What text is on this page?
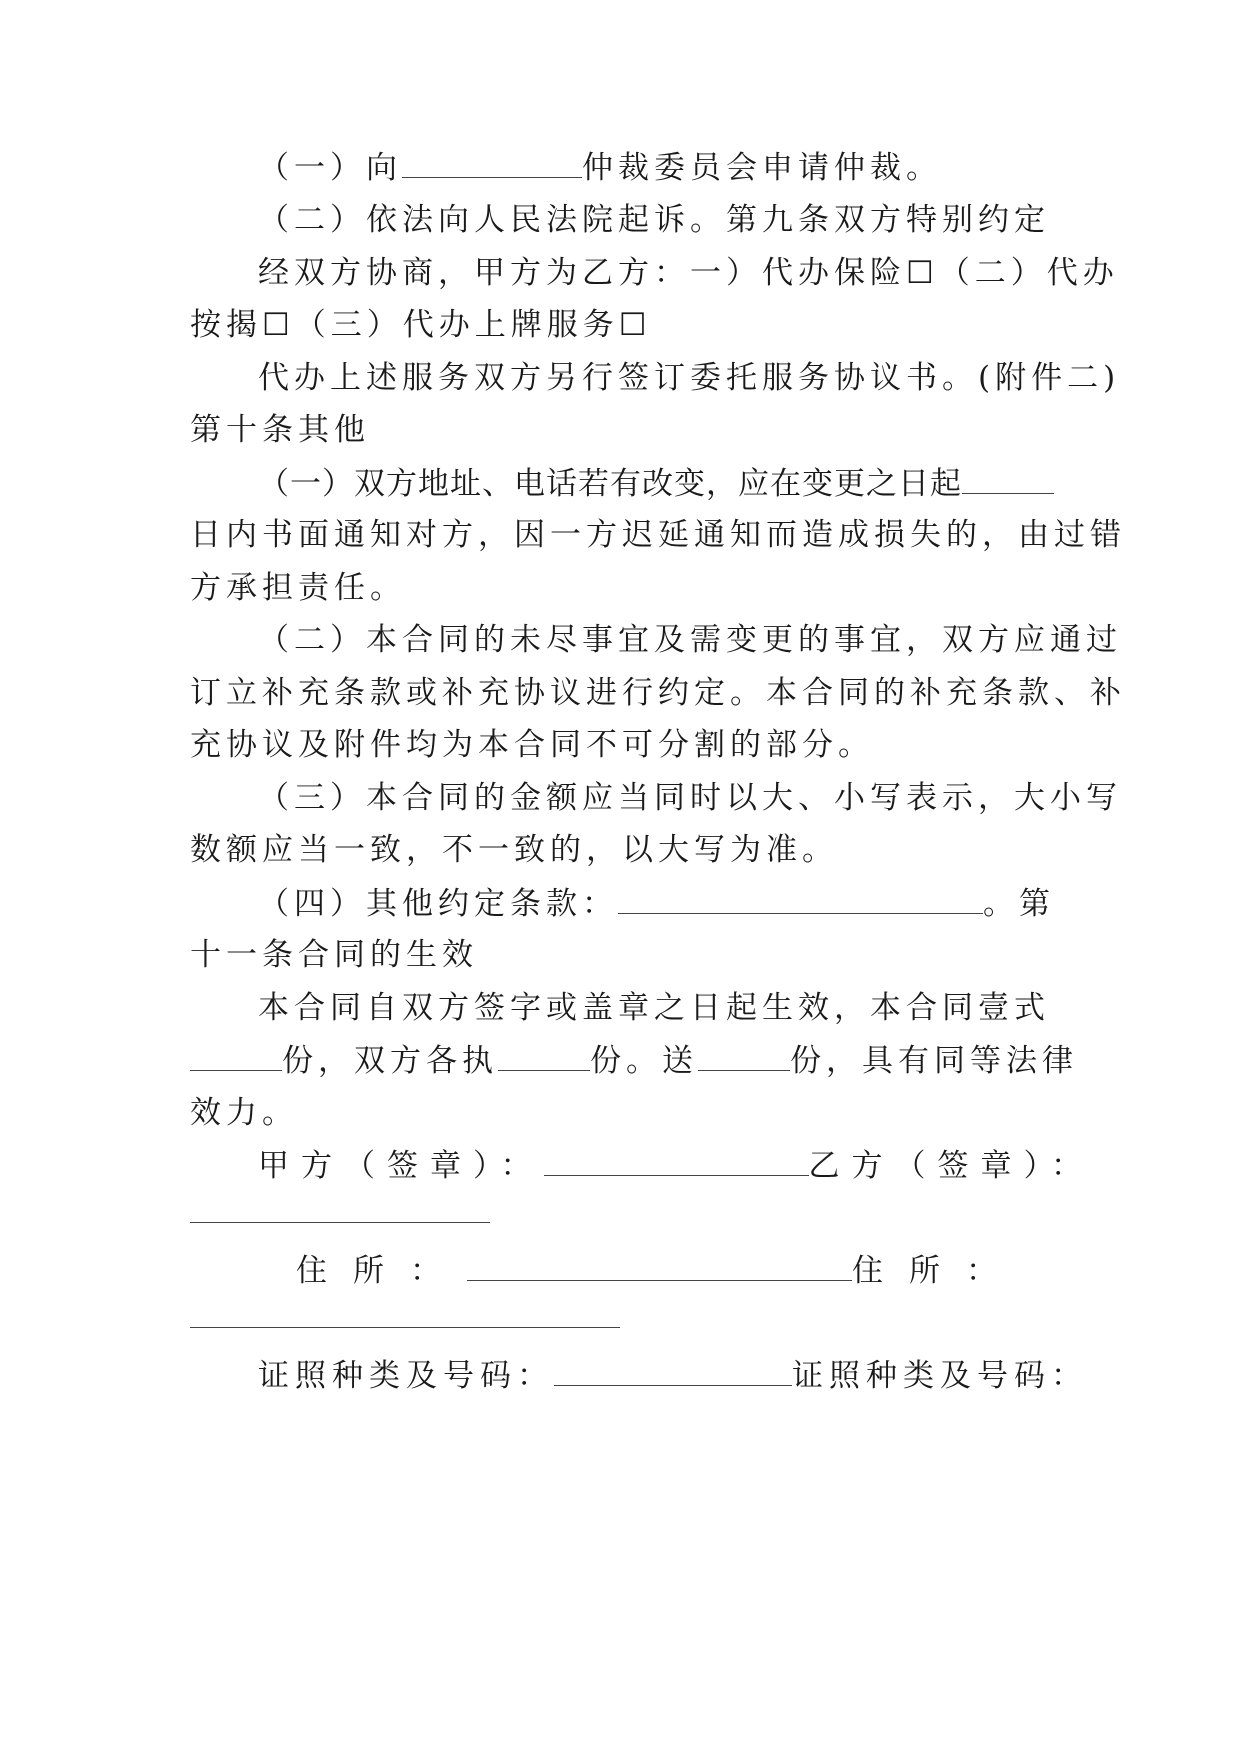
（一）向	仲裁委员会申请仲裁。
（二）依法向人民法院起诉。第九条双方特别约定
经双方协商，甲方为乙方：一）代办保险☐（二）代办
按揭☐（三）代办上牌服务☐
代办上述服务双方另行签订委托服务协议书。(附件二)
第十条其他
（一）双方地址、电话若有改变，应在变更之日起
日内书面通知对方，因一方迟延通知而造成损失的，由过错
方承担责任。
（二）本合同的未尽事宜及需变更的事宜，双方应通过
订立补充条款或补充协议进行约定。本合同的补充条款、补
充协议及附件均为本合同不可分割的部分。
（三）本合同的金额应当同时以大、小写表示，大小写
数额应当一致，不一致的，以大写为准。
（四）其他约定条款：	。第
十一条合同的生效
本合同自双方签字或盖章之日起生效，本合同壹式
份，双方各执	份。送	份，具有同等法律
效力。
甲方（签章）：	乙方（签章）：
住所：	住所：
证照种类及号码：	证照种类及号码：
